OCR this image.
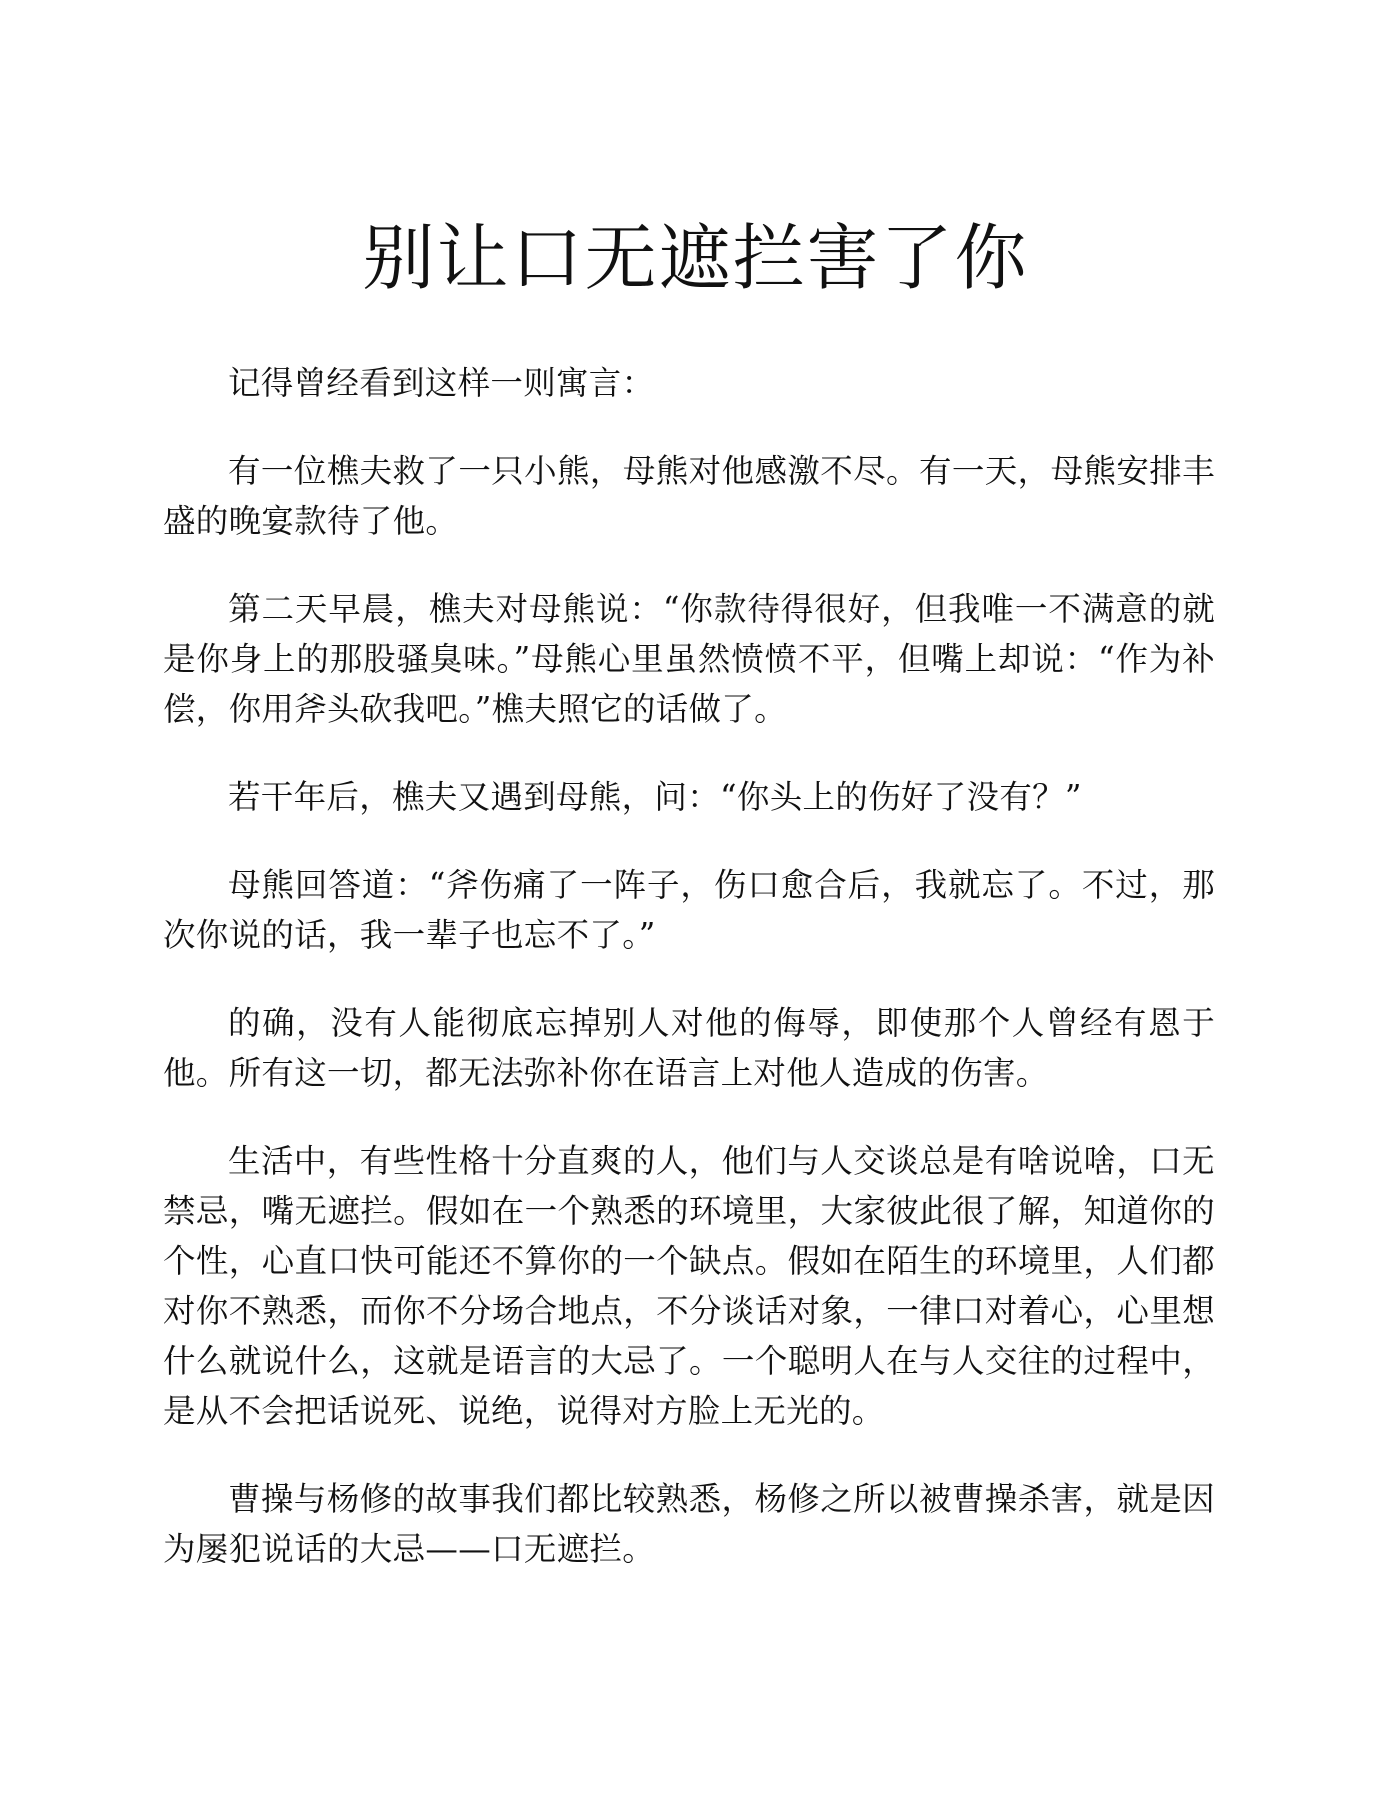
别让口无遮拦害了你

记得曾经看到这样一则寓言：

有一位樵夫救了一只小熊，母熊对他感激不尽。有一天，母熊安排丰盛的晚宴款待了他。

第二天早晨，樵夫对母熊说：“你款待得很好，但我唯一不满意的就是你身上的那股骚臭味。”母熊心里虽然愤愤不平，但嘴上却说：“作为补偿，你用斧头砍我吧。”樵夫照它的话做了。

若干年后，樵夫又遇到母熊，问：“你头上的伤好了没有？”

母熊回答道：“斧伤痛了一阵子，伤口愈合后，我就忘了。不过，那次你说的话，我一辈子也忘不了。”

的确，没有人能彻底忘掉别人对他的侮辱，即使那个人曾经有恩于他。所有这一切，都无法弥补你在语言上对他人造成的伤害。

生活中，有些性格十分直爽的人，他们与人交谈总是有啥说啥，口无禁忌，嘴无遮拦。假如在一个熟悉的环境里，大家彼此很了解，知道你的个性，心直口快可能还不算你的一个缺点。假如在陌生的环境里，人们都对你不熟悉，而你不分场合地点，不分谈话对象，一律口对着心，心里想什么就说什么，这就是语言的大忌了。一个聪明人在与人交往的过程中，是从不会把话说死、说绝，说得对方脸上无光的。

曹操与杨修的故事我们都比较熟悉，杨修之所以被曹操杀害，就是因为屡犯说话的大忌——口无遮拦。
